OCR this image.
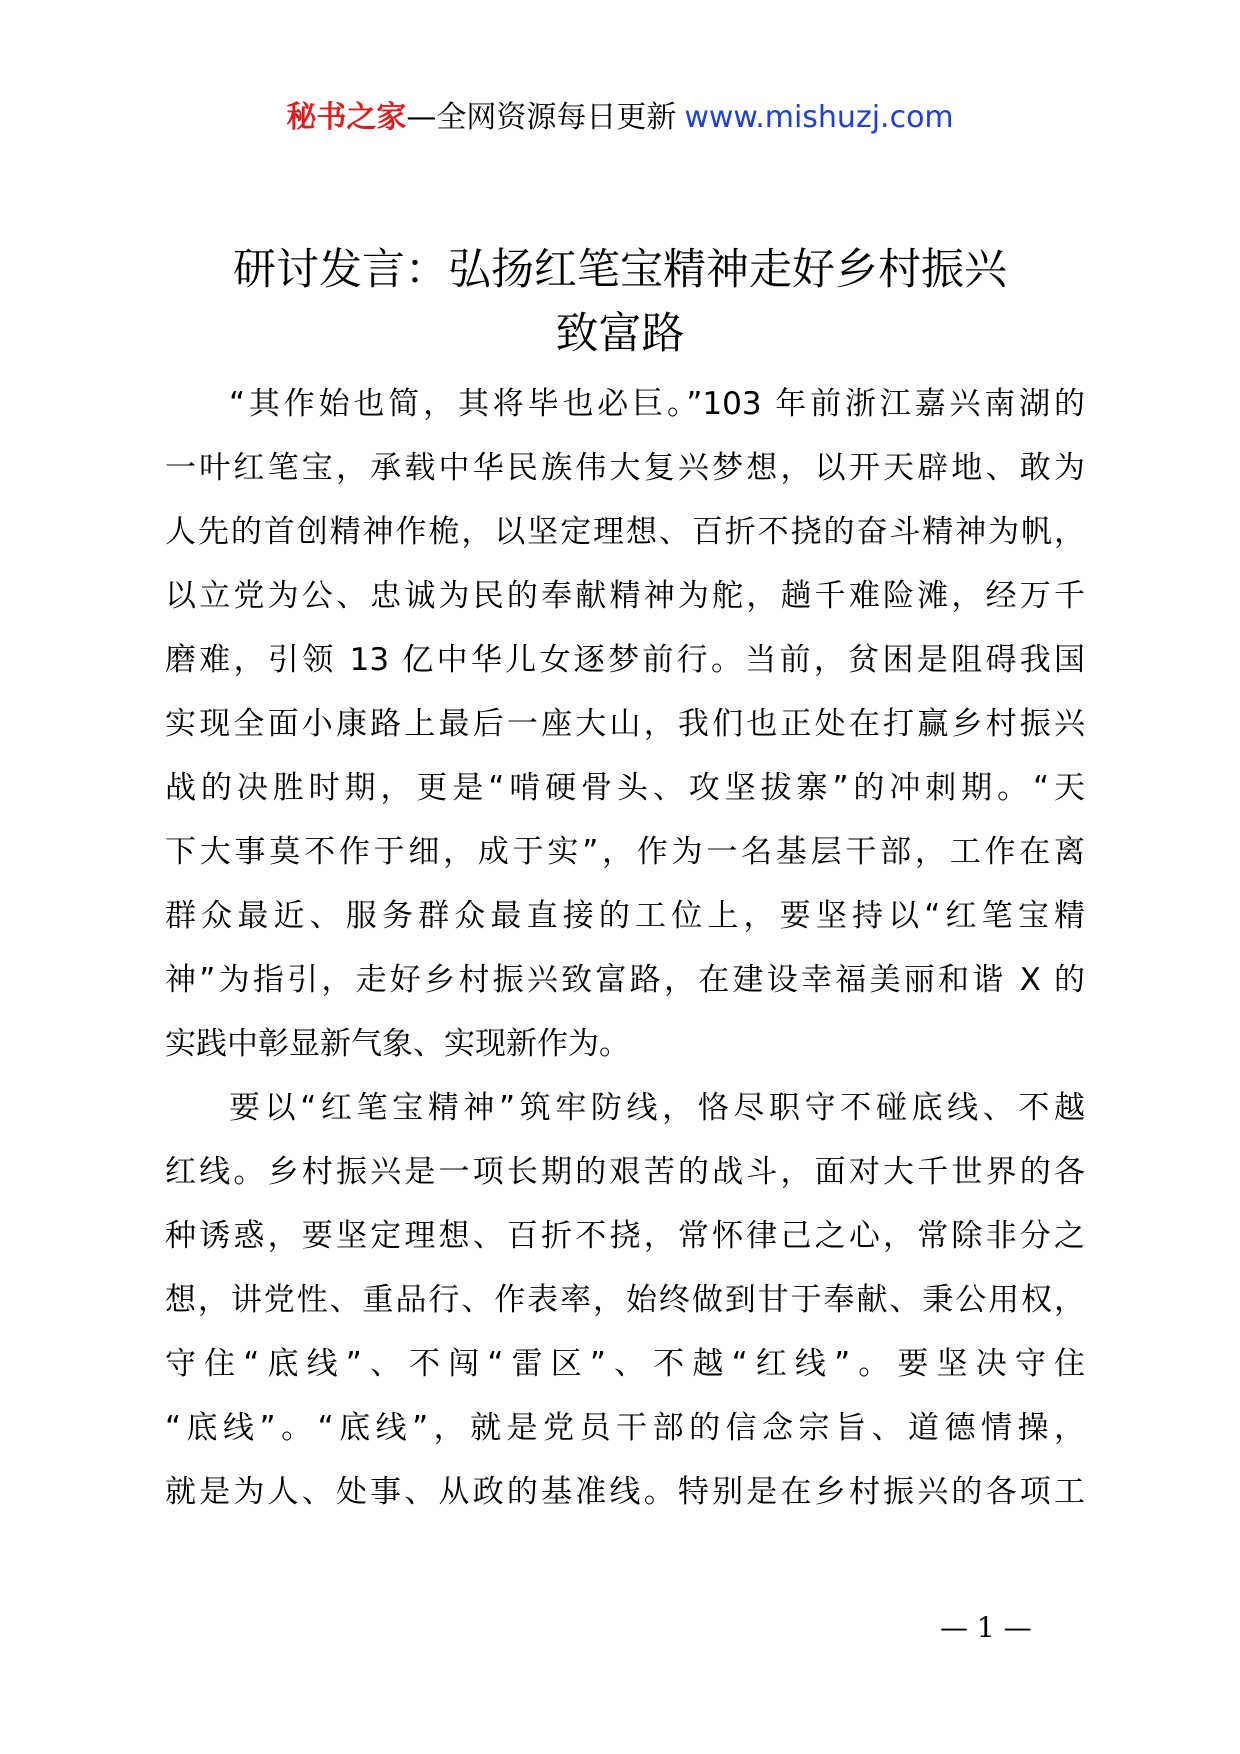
秘书之家—全网资源每日更新 www.mishuzj.com
研讨发言：弘扬红笔宝精神走好乡村振兴
致富路

“其作始也简，其将毕也必巨。”103 年前浙江嘉兴南湖的
一叶红笔宝，承载中华民族伟大复兴梦想，以开天辟地、敢为
人先的首创精神作桅，以坚定理想、百折不挠的奋斗精神为帆，
以立党为公、忠诚为民的奉献精神为舵，趟千难险滩，经万千
磨难，引领 13 亿中华儿女逐梦前行。当前，贫困是阻碍我国
实现全面小康路上最后一座大山，我们也正处在打赢乡村振兴
战的决胜时期，更是“啃硬骨头、攻坚拔寨”的冲刺期。“天
下大事莫不作于细，成于实”，作为一名基层干部，工作在离
群众最近、服务群众最直接的工位上，要坚持以“红笔宝精
神”为指引，走好乡村振兴致富路，在建设幸福美丽和谐 X 的
实践中彰显新气象、实现新作为。

要以“红笔宝精神”筑牢防线，恪尽职守不碰底线、不越
红线。乡村振兴是一项长期的艰苦的战斗，面对大千世界的各
种诱惑，要坚定理想、百折不挠，常怀律己之心，常除非分之
想，讲党性、重品行、作表率，始终做到甘于奉献、秉公用权，
守住“底线”、不闯“雷区”、不越“红线”。要坚决守住
“底线”。“底线”，就是党员干部的信念宗旨、道德情操，
就是为人、处事、从政的基准线。特别是在乡村振兴的各项工

— 1 —
